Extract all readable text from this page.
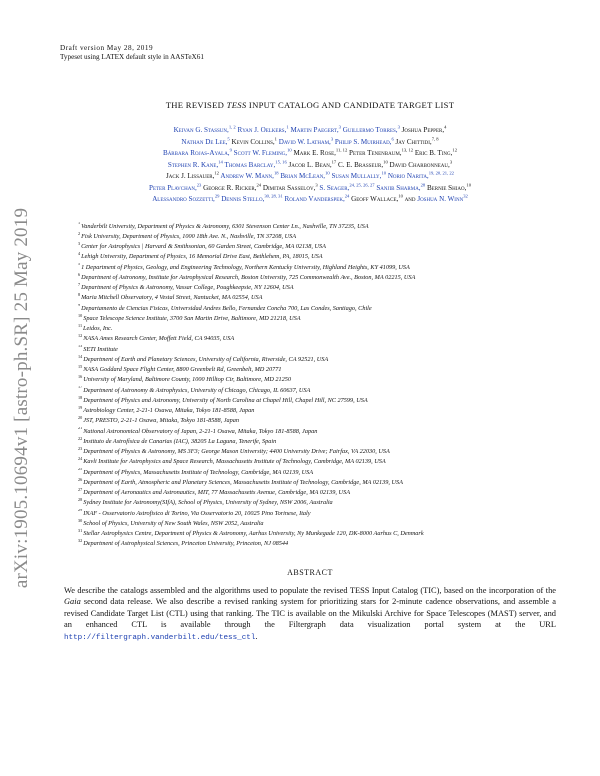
arXiv:1905.10694v1 [astro-ph.SR] 25 May 2019
Draft version May 28, 2019
Typeset using LATEX default style in AASTeX61
THE REVISED TESS INPUT CATALOG AND CANDIDATE TARGET LIST
Keivan G. Stassun,$^{1, 2}$ Ryan J. Oelkers,$^1$ Martin Paegert,$^3$ Guillermo Torres,$^3$ Joshua Pepper,$^4$
Nathan De Lee,$^5$ Kevin Collins,$^1$ David W. Latham,$^3$ Philip S. Muirhead,$^6$ Jay Chittidi,$^{7, 8}$
Bárbara Rojas-Ayala,$^9$ Scott W. Fleming,$^{10}$ Mark E. Rose,$^{11, 12}$ Peter Tenenbaum,$^{13, 12}$ Eric B. Ting,$^{12}$
Stephen R. Kane,$^{14}$ Thomas Barclay,$^{15, 16}$ Jacob L. Bean,$^{17}$ C. E. Brasseur,$^{10}$ David Charbonneau,$^3$
Jack J. Lissauer,$^{12}$ Andrew W. Mann,$^{18}$ Brian McLean,$^{10}$ Susan Mullally,$^{10}$ Norio Narita,$^{19, 20, 21, 22}$
Peter Plavchan,$^{23}$ George R. Ricker,$^{24}$ Dimitar Sasselov,$^3$ S. Seager,$^{24, 25, 26, 27}$ Sanjib Sharma,$^{28}$ Bernie Shiao,$^{10}$
Alessandro Sozzetti,$^{29}$ Dennis Stello,$^{30, 28, 31}$ Roland Vanderspek,$^{24}$ Geoff Wallace,$^{10}$ and Joshua N. Winn$^{32}$
$^1$Vanderbilt University, Department of Physics & Astronomy, 6301 Stevenson Center Ln., Nashville, TN 37235, USA
$^2$Fisk University, Department of Physics, 1000 18th Ave. N., Nashville, TN 37208, USA
$^3$Center for Astrophysics | Harvard & Smithsonian, 60 Garden Street, Cambridge, MA 02138, USA
$^4$Lehigh University, Department of Physics, 16 Memorial Drive East, Bethlehem, PA, 18015, USA
$^5$1 Department of Physics, Geology, and Engineering Technology, Northern Kentucky University, Highland Heights, KY 41099, USA
$^6$Department of Astronomy, Institute for Astrophysical Research, Boston University, 725 Commonwealth Ave., Boston, MA 02215, USA
$^7$Department of Physics & Astronomy, Vassar College, Poughkeepsie, NY 12604, USA
$^8$Maria Mitchell Observatory, 4 Vestal Street, Nantucket, MA 02554, USA
$^9$Departamento de Ciencias Fisicas, Universidad Andres Bello, Fernandez Concha 700, Las Condes, Santiago, Chile
$^{10}$Space Telescope Science Institute, 3700 San Martin Drive, Baltimore, MD 21218, USA
$^{11}$Leidos, Inc.
$^{12}$NASA Ames Research Center, Moffett Field, CA 94035, USA
$^{13}$SETI Institute
$^{14}$Department of Earth and Planetary Sciences, University of California, Riverside, CA 92521, USA
$^{15}$NASA Goddard Space Flight Center, 8800 Greenbelt Rd, Greenbelt, MD 20771
$^{16}$University of Maryland, Baltimore County, 1000 Hilltop Cir, Baltimore, MD 21250
$^{17}$Department of Astronomy & Astrophysics, University of Chicago, Chicago, IL 60637, USA
$^{18}$Department of Physics and Astronomy, University of North Carolina at Chapel Hill, Chapel Hill, NC 27599, USA
$^{19}$Astrobiology Center, 2-21-1 Osawa, Mitaka, Tokyo 181-8588, Japan
$^{20}$JST, PRESTO, 2-21-1 Osawa, Mitaka, Tokyo 181-8588, Japan
$^{21}$National Astronomical Observatory of Japan, 2-21-1 Osawa, Mitaka, Tokyo 181-8588, Japan
$^{22}$Instituto de Astrofísica de Canarias (IAC), 38205 La Laguna, Tenerife, Spain
$^{23}$Department of Physics & Astronomy, MS 3F3; George Mason University; 4400 University Drive; Fairfax, VA 22030, USA
$^{24}$Kavli Institute for Astrophysics and Space Research, Massachusetts Institute of Technology, Cambridge, MA 02139, USA
$^{25}$Department of Physics, Massachusetts Institute of Technology, Cambridge, MA 02139, USA
$^{26}$Department of Earth, Atmospheric and Planetary Sciences, Massachusetts Institute of Technology, Cambridge, MA 02139, USA
$^{27}$Department of Aeronautics and Astronautics, MIT, 77 Massachusetts Avenue, Cambridge, MA 02139, USA
$^{28}$Sydney Institute for Astronomy(SIfA), School of Physics, University of Sydney, NSW 2006, Australia
$^{29}$INAF - Osservatorio Astrofisico di Torino, Via Osservatorio 20, 10025 Pino Torinese, Italy
$^{30}$School of Physics, University of New South Wales, NSW 2052, Australia
$^{31}$Stellar Astrophysics Centre, Department of Physics & Astronomy, Aarhus University, Ny Munkegade 120, DK-8000 Aarhus C, Denmark
$^{32}$Department of Astrophysical Sciences, Princeton University, Princeton, NJ 08544
ABSTRACT
We describe the catalogs assembled and the algorithms used to populate the revised TESS Input Catalog (TIC), based on the incorporation of the Gaia second data release. We also describe a revised ranking system for prioritizing stars for 2-minute cadence observations, and assemble a revised Candidate Target List (CTL) using that ranking. The TIC is available on the Mikulski Archive for Space Telescopes (MAST) server, and an enhanced CTL is available through the Filtergraph data visualization portal system at the URL http://filtergraph.vanderbilt.edu/tess_ctl.
